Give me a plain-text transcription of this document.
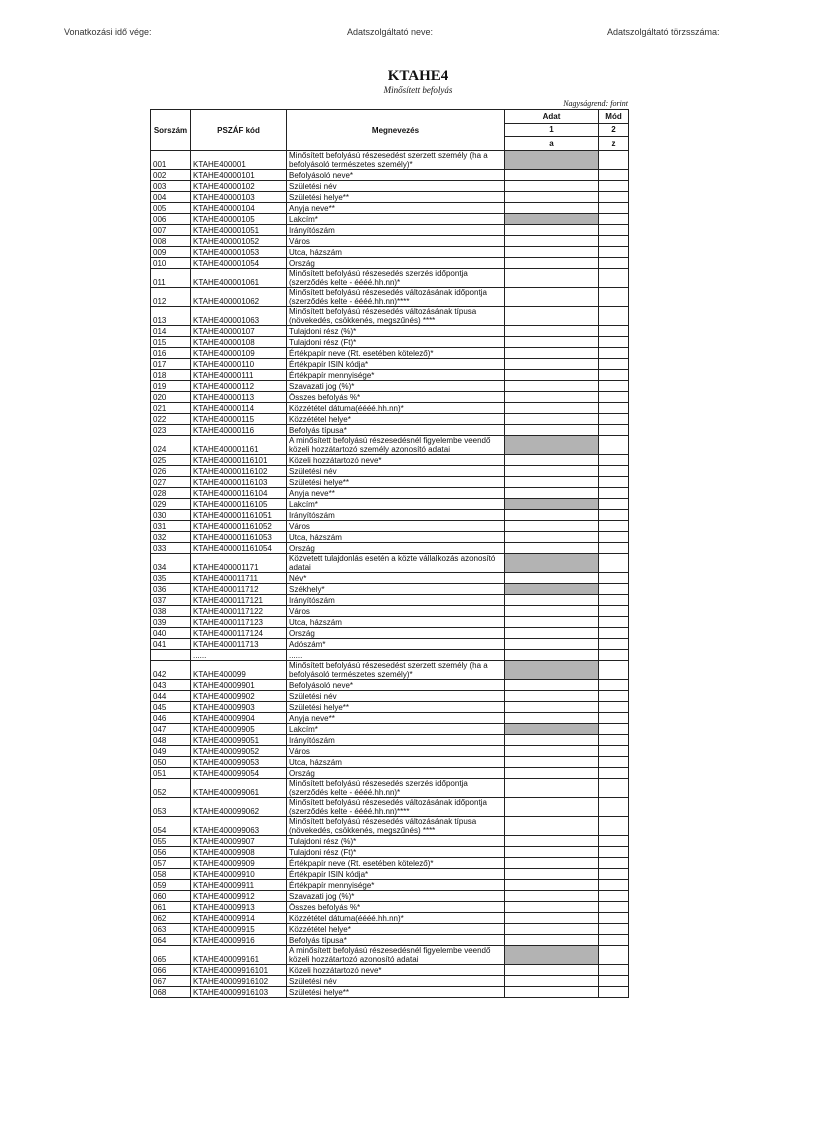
Vonatkozási idő vége:	Adatszolgáltató neve:	Adatszolgáltató törzsszáma:
KTAHE4
Minősített befolyás
Nagyságrend: forint
Sorszám	PSZÁF kód	Megnevezés	Adat	Mód
			1	2
			a	z
001	KTAHE400001	Minősített befolyású részesedést szerzett személy (ha a befolyásoló természetes személy)*		
002	KTAHE40000101	Befolyásoló neve*		
003	KTAHE40000102	Születési név		
004	KTAHE40000103	Születési helye**		
005	KTAHE40000104	Anyja neve**		
006	KTAHE40000105	Lakcím*		
007	KTAHE400001051	Irányítószám		
008	KTAHE400001052	Város		
009	KTAHE400001053	Utca, házszám		
010	KTAHE400001054	Ország		
011	KTAHE400001061	Minősített befolyású részesedés szerzés időpontja (szerződés kelte - éééé.hh.nn)*		
012	KTAHE400001062	Minősített befolyású részesedés változásának időpontja (szerződés kelte - éééé.hh.nn)****		
013	KTAHE400001063	Minősített befolyású részesedés változásának típusa (növekedés, csökkenés, megszűnés) ****		
014	KTAHE40000107	Tulajdoni rész (%)*		
015	KTAHE40000108	Tulajdoni rész (Ft)*		
016	KTAHE40000109	Értékpapír neve (Rt. esetében kötelező)*		
017	KTAHE40000110	Értékpapír ISIN kódja*		
018	KTAHE40000111	Értékpapír mennyisége*		
019	KTAHE40000112	Szavazati jog (%)*		
020	KTAHE40000113	Összes befolyás %*		
021	KTAHE40000114	Közzététel dátuma(éééé.hh.nn)*		
022	KTAHE40000115	Közzététel helye*		
023	KTAHE40000116	Befolyás típusa*		
024	KTAHE400001161	A minősített befolyású részesedésnél figyelembe veendő közeli hozzátartozó személy azonosító adatai		
025	KTAHE40000116101	Közeli hozzátartozó neve*		
026	KTAHE40000116102	Születési név		
027	KTAHE40000116103	Születési helye**		
028	KTAHE40000116104	Anyja neve**		
029	KTAHE40000116105	Lakcím*		
030	KTAHE400001161051	Irányítószám		
031	KTAHE400001161052	Város		
032	KTAHE400001161053	Utca, házszám		
033	KTAHE400001161054	Ország		
034	KTAHE400001171	Közvetett tulajdonlás esetén a közte vállalkozás azonosító adatai		
035	KTAHE400011711	Név*		
036	KTAHE400011712	Székhely*		
037	KTAHE4000117121	Irányítószám		
038	KTAHE4000117122	Város		
039	KTAHE4000117123	Utca, házszám		
040	KTAHE4000117124	Ország		
041	KTAHE400011713	Adószám*		
	......	......		
042	KTAHE400099	Minősített befolyású részesedést szerzett személy (ha a befolyásoló természetes személy)*		
043	KTAHE40009901	Befolyásoló neve*		
044	KTAHE40009902	Születési név		
045	KTAHE40009903	Születési helye**		
046	KTAHE40009904	Anyja neve**		
047	KTAHE40009905	Lakcím*		
048	KTAHE400099051	Irányítószám		
049	KTAHE400099052	Város		
050	KTAHE400099053	Utca, házszám		
051	KTAHE400099054	Ország		
052	KTAHE400099061	Minősített befolyású részesedés szerzés időpontja (szerződés kelte - éééé.hh.nn)*		
053	KTAHE400099062	Minősített befolyású részesedés változásának időpontja (szerződés kelte - éééé.hh.nn)****		
054	KTAHE400099063	Minősített befolyású részesedés változásának típusa (növekedés, csökkenés, megszűnés) ****		
055	KTAHE40009907	Tulajdoni rész (%)*		
056	KTAHE40009908	Tulajdoni rész (Ft)*		
057	KTAHE40009909	Értékpapír neve (Rt. esetében kötelező)*		
058	KTAHE40009910	Értékpapír ISIN kódja*		
059	KTAHE40009911	Értékpapír mennyisége*		
060	KTAHE40009912	Szavazati jog (%)*		
061	KTAHE40009913	Összes befolyás %*		
062	KTAHE40009914	Közzététel dátuma(éééé.hh.nn)*		
063	KTAHE40009915	Közzététel helye*		
064	KTAHE40009916	Befolyás típusa*		
065	KTAHE400099161	A minősített befolyású részesedésnél figyelembe veendő közeli hozzátartozó azonosító adatai		
066	KTAHE40009916101	Közeli hozzátartozó neve*		
067	KTAHE40009916102	Születési név		
068	KTAHE40009916103	Születési helye**		
